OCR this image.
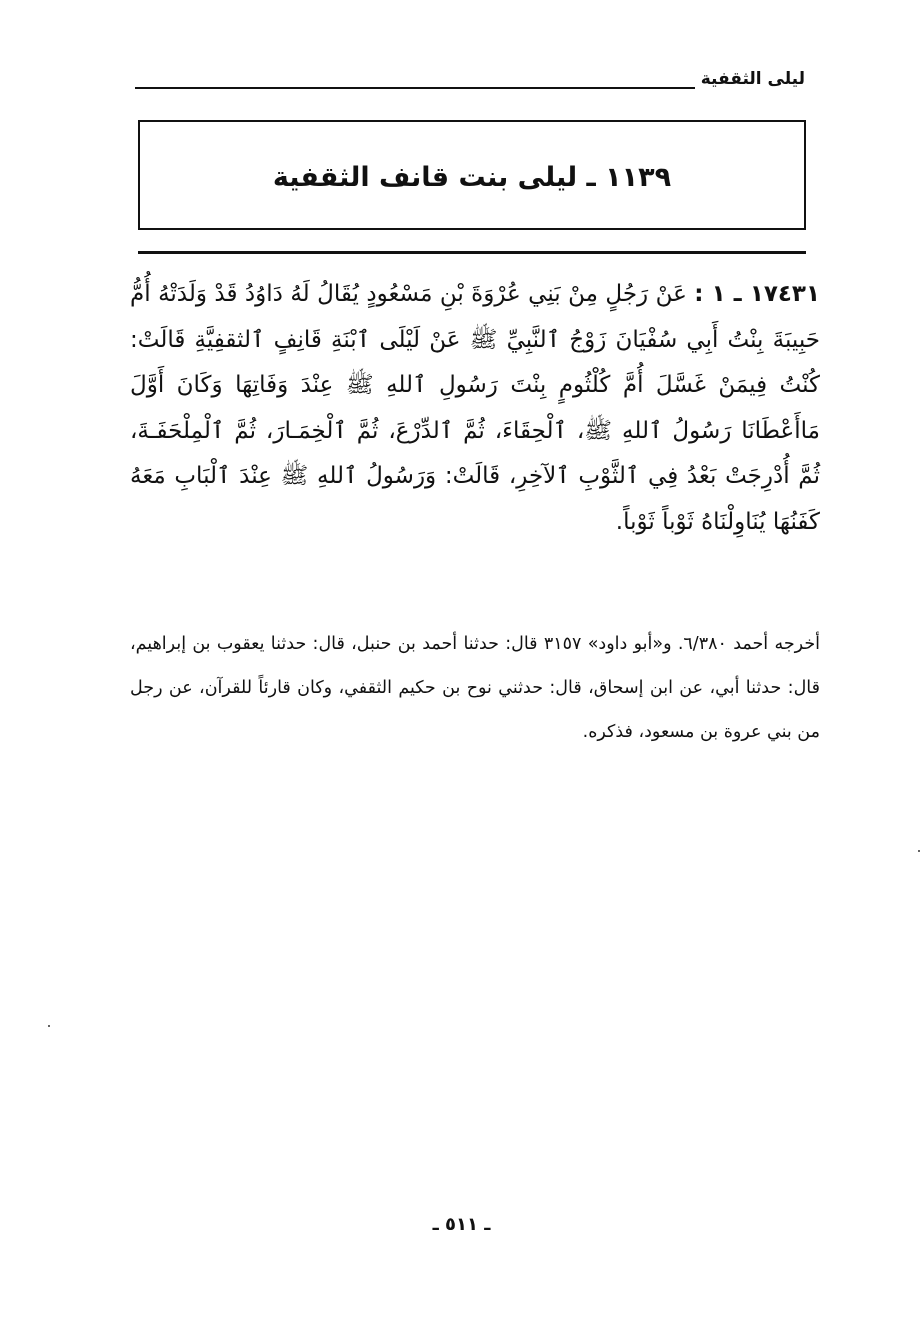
ليلى الثقفية
١١٣٩ ـ ليلى بنت قانف الثقفية
١٧٤٣١ ـ ١ : عَنْ رَجُلٍ مِنْ بَنِي عُرْوَةَ بْنِ مَسْعُودٍ يُقَالُ لَهُ دَاوُدُ قَدْ وَلَدَتْهُ أُمُّ حَبِيبَةَ بِنْتُ أَبِي سُفْيَانَ زَوْجُ ٱلنَّبِيِّ ﷺ عَنْ لَيْلَى ٱبْنَةِ قَانِفٍ ٱلثقفِيَّةِ قَالَتْ: كُنْتُ فِيمَنْ غَسَّلَ أُمَّ كُلْثُومٍ بِنْتَ رَسُولِ ٱللهِ ﷺ عِنْدَ وَفَاتِهَا وَكَانَ أَوَّلَ مَاأَعْطَانَا رَسُولُ ٱللهِ ﷺ، ٱلْحِقَاءَ، ثُمَّ ٱلدِّرْعَ، ثُمَّ ٱلْخِمَـارَ، ثُمَّ ٱلْمِلْحَفَـةَ، ثُمَّ أُدْرِجَتْ بَعْدُ فِي ٱلثَّوْبِ ٱلآخِرِ، قَالَتْ: وَرَسُولُ ٱللهِ ﷺ عِنْدَ ٱلْبَابِ مَعَهُ كَفَنُهَا يُنَاوِلْنَاهُ ثَوْباً ثَوْباً.
أخرجه أحمد ٦/٣٨٠. و«أبو داود» ٣١٥٧ قال: حدثنا أحمد بن حنبل، قال: حدثنا يعقوب بن إبراهيم، قال: حدثنا أبي، عن ابن إسحاق، قال: حدثني نوح بن حكيم الثقفي، وكان قارئاً للقرآن، عن رجل من بني عروة بن مسعود، فذكره.
ـ ٥١١ ـ
